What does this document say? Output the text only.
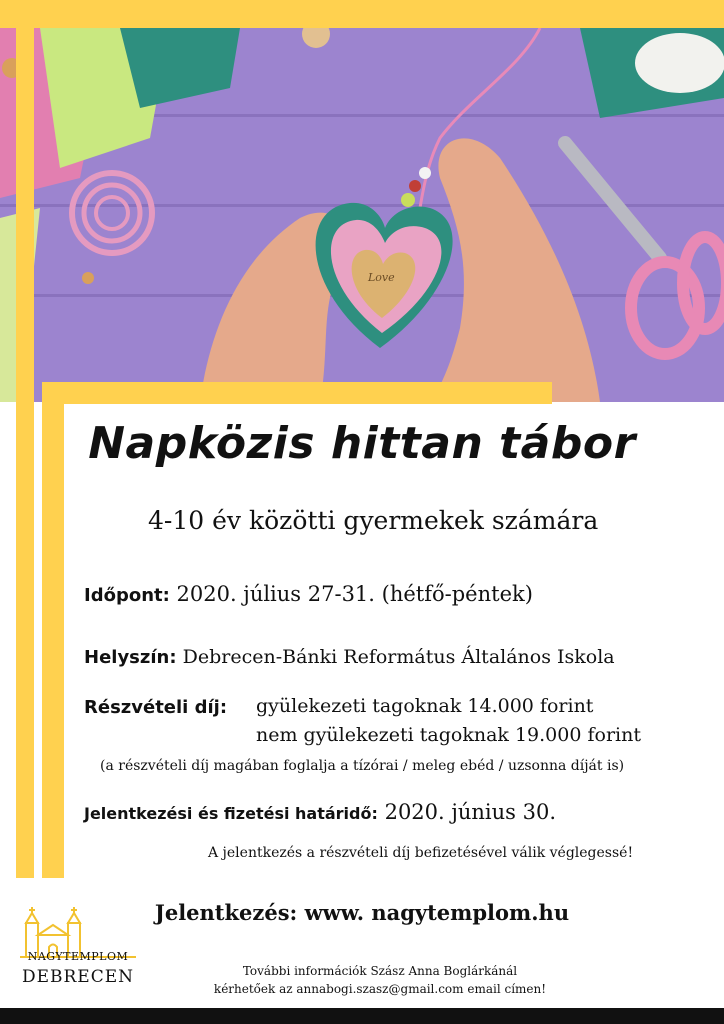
Love
Napközis hittan tábor
4-10 év közötti gyermekek számára
Időpont: 2020. július 27-31. (hétfő-péntek)
Helyszín: Debrecen-Bánki Református Általános Iskola
Részvételi díj: gyülekezeti tagoknak 14.000 forint
nem gyülekezeti tagoknak 19.000 forint
(a részvételi díj magában foglalja a tízórai / meleg ebéd / uzsonna díját is)
Jelentkezési és fizetési határidő: 2020. június 30.
A jelentkezés a részvételi díj befizetésével válik véglegessé!
Jelentkezés: www. nagytemplom.hu
NAGYTEMPLOM
DEBRECEN	További információk Szász Anna Boglárkánál
kérhetőek az annabogi.szasz@gmail.com email címen!
